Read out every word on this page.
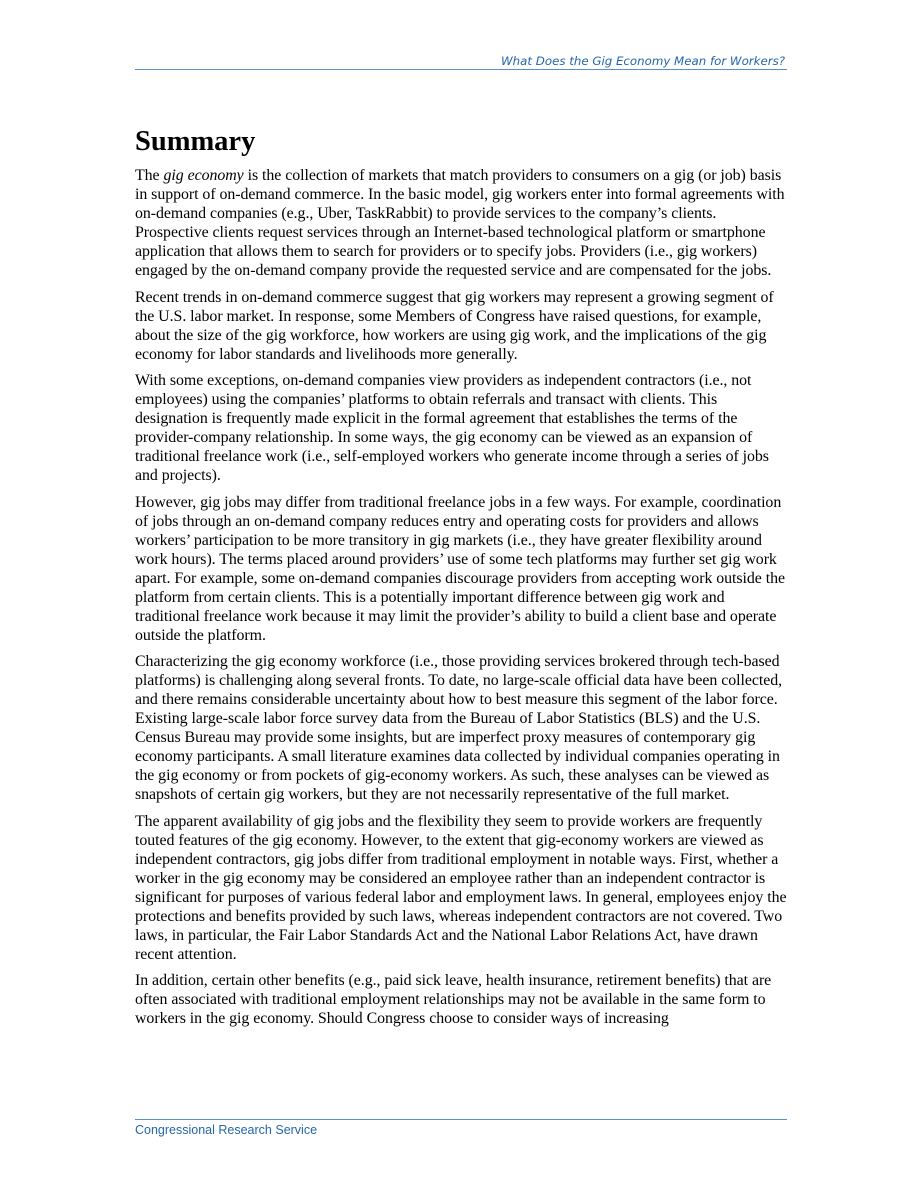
What Does the Gig Economy Mean for Workers?
Summary

The gig economy is the collection of markets that match providers to consumers on a gig (or job) basis in support of on-demand commerce. In the basic model, gig workers enter into formal agreements with on-demand companies (e.g., Uber, TaskRabbit) to provide services to the company’s clients. Prospective clients request services through an Internet-based technological platform or smartphone application that allows them to search for providers or to specify jobs. Providers (i.e., gig workers) engaged by the on-demand company provide the requested service and are compensated for the jobs.

Recent trends in on-demand commerce suggest that gig workers may represent a growing segment of the U.S. labor market. In response, some Members of Congress have raised questions, for example, about the size of the gig workforce, how workers are using gig work, and the implications of the gig economy for labor standards and livelihoods more generally.

With some exceptions, on-demand companies view providers as independent contractors (i.e., not employees) using the companies’ platforms to obtain referrals and transact with clients. This designation is frequently made explicit in the formal agreement that establishes the terms of the provider-company relationship. In some ways, the gig economy can be viewed as an expansion of traditional freelance work (i.e., self-employed workers who generate income through a series of jobs and projects).

However, gig jobs may differ from traditional freelance jobs in a few ways. For example, coordination of jobs through an on-demand company reduces entry and operating costs for providers and allows workers’ participation to be more transitory in gig markets (i.e., they have greater flexibility around work hours). The terms placed around providers’ use of some tech platforms may further set gig work apart. For example, some on-demand companies discourage providers from accepting work outside the platform from certain clients. This is a potentially important difference between gig work and traditional freelance work because it may limit the provider’s ability to build a client base and operate outside the platform.

Characterizing the gig economy workforce (i.e., those providing services brokered through tech-based platforms) is challenging along several fronts. To date, no large-scale official data have been collected, and there remains considerable uncertainty about how to best measure this segment of the labor force. Existing large-scale labor force survey data from the Bureau of Labor Statistics (BLS) and the U.S. Census Bureau may provide some insights, but are imperfect proxy measures of contemporary gig economy participants. A small literature examines data collected by individual companies operating in the gig economy or from pockets of gig-economy workers. As such, these analyses can be viewed as snapshots of certain gig workers, but they are not necessarily representative of the full market.

The apparent availability of gig jobs and the flexibility they seem to provide workers are frequently touted features of the gig economy. However, to the extent that gig-economy workers are viewed as independent contractors, gig jobs differ from traditional employment in notable ways. First, whether a worker in the gig economy may be considered an employee rather than an independent contractor is significant for purposes of various federal labor and employment laws. In general, employees enjoy the protections and benefits provided by such laws, whereas independent contractors are not covered. Two laws, in particular, the Fair Labor Standards Act and the National Labor Relations Act, have drawn recent attention.

In addition, certain other benefits (e.g., paid sick leave, health insurance, retirement benefits) that are often associated with traditional employment relationships may not be available in the same form to workers in the gig economy. Should Congress choose to consider ways of increasing

Congressional Research Service
